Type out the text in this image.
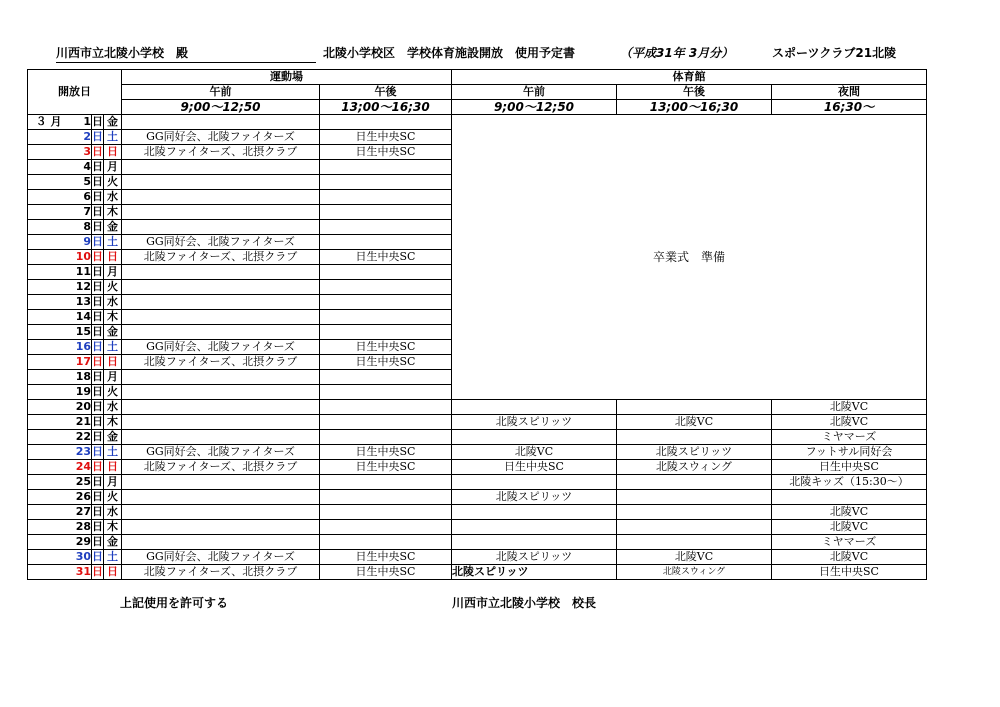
川西市立北陵小学校　殿	北陵小学校区　学校体育施設開放　使用予定書	（平成31年 3月分）	スポーツクラブ21北陵
開放日				運動場		体育館		
				午前	午後	午前	午後	夜間
				9;00～12;50	13;00～16;30	9;00～12;50	13;00～16;30	16;30～
３ 月	1	日	金			卒業式　準備		
	2	日	土	GG同好会、北陵ファイターズ	日生中央SC			
	3	日	日	北陵ファイターズ、北摂クラブ	日生中央SC			
	4	日	月					
	5	日	火					
	6	日	水					
	7	日	木					
	8	日	金					
	9	日	土	GG同好会、北陵ファイターズ				
	10	日	日	北陵ファイターズ、北摂クラブ	日生中央SC			
	11	日	月					
	12	日	火					
	13	日	水					
	14	日	木					
	15	日	金					
	16	日	土	GG同好会、北陵ファイターズ	日生中央SC			
	17	日	日	北陵ファイターズ、北摂クラブ	日生中央SC			
	18	日	月					
	19	日	火					
	20	日	水					北陵VC
	21	日	木			北陵スピリッツ	北陵VC	北陵VC
	22	日	金					ミヤマーズ
	23	日	土	GG同好会、北陵ファイターズ	日生中央SC	北陵VC	北陵スピリッツ	フットサル同好会
	24	日	日	北陵ファイターズ、北摂クラブ	日生中央SC	日生中央SC	北陵スウィング	日生中央SC
	25	日	月					北陵キッズ（15:30～）
	26	日	火			北陵スピリッツ		
	27	日	水					北陵VC
	28	日	木					北陵VC
	29	日	金					ミヤマーズ
	30	日	土	GG同好会、北陵ファイターズ	日生中央SC	北陵スピリッツ	北陵VC	北陵VC
	31	日	日	北陵ファイターズ、北摂クラブ	日生中央SC	北陵スピリッツ	北陵スウィング	日生中央SC
上記使用を許可する	川西市立北陵小学校　校長
